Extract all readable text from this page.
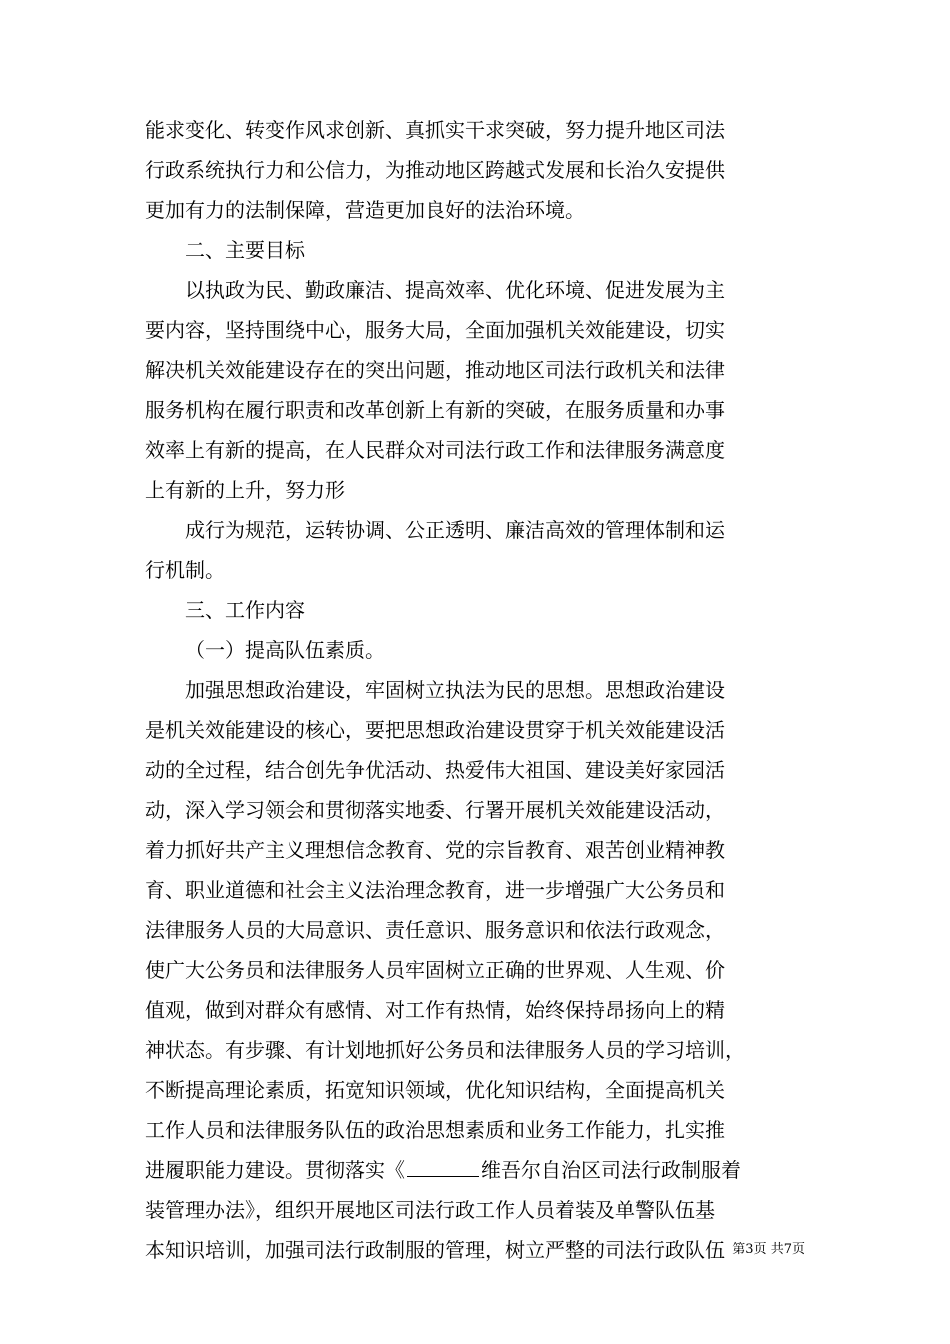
能求变化、转变作风求创新、真抓实干求突破，努力提升地区司法
行政系统执行力和公信力，为推动地区跨越式发展和长治久安提供
更加有力的法制保障，营造更加良好的法治环境。
二、主要目标
以执政为民、勤政廉洁、提高效率、优化环境、促进发展为主
要内容，坚持围绕中心，服务大局，全面加强机关效能建设，切实
解决机关效能建设存在的突出问题，推动地区司法行政机关和法律
服务机构在履行职责和改革创新上有新的突破，在服务质量和办事
效率上有新的提高，在人民群众对司法行政工作和法律服务满意度
上有新的上升，努力形
成行为规范，运转协调、公正透明、廉洁高效的管理体制和运
行机制。
三、工作内容
（一）提高队伍素质。
加强思想政治建设，牢固树立执法为民的思想。思想政治建设
是机关效能建设的核心，要把思想政治建设贯穿于机关效能建设活
动的全过程，结合创先争优活动、热爱伟大祖国、建设美好家园活
动，深入学习领会和贯彻落实地委、行署开展机关效能建设活动，
着力抓好共产主义理想信念教育、党的宗旨教育、艰苦创业精神教
育、职业道德和社会主义法治理念教育，进一步增强广大公务员和
法律服务人员的大局意识、责任意识、服务意识和依法行政观念，
使广大公务员和法律服务人员牢固树立正确的世界观、人生观、价
值观，做到对群众有感情、对工作有热情，始终保持昂扬向上的精
神状态。有步骤、有计划地抓好公务员和法律服务人员的学习培训，
不断提高理论素质，拓宽知识领域，优化知识结构，全面提高机关
工作人员和法律服务队伍的政治思想素质和业务工作能力，扎实推
进履职能力建设。贯彻落实《	维吾尔自治区司法行政制服着
装管理办法》，组织开展地区司法行政工作人员着装及单警队伍基
本知识培训，加强司法行政制服的管理，树立严整的司法行政队伍 第3页 共7页
